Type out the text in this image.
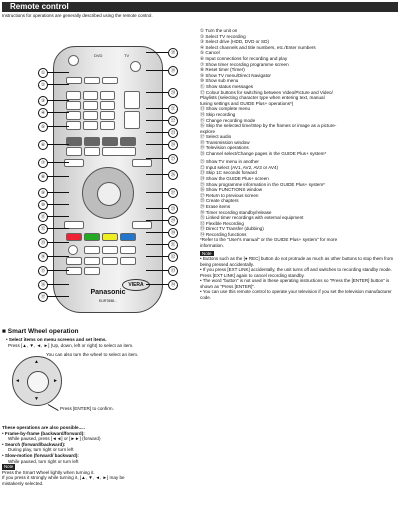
Remote control
Instructions for operations are generally described using the remote control.
DVD	TV
VIERA
Panasonic
EUR7658...
①
②
③
④
⑤
⑥
⑦
⑧
⑨
⑩
⑪
⑫
⑬
⑭
⑮
⑯
⑰
⑱
⑲
⑳
㉑
㉒
㉓
㉔
㉕
㉖
㉗
㉘
㉙
㉚
㉛
㉜
㉝
㉞
① Turn the unit on
② Select TV recording
③ Select drive (HDD, DVD or SD)
④ Select channels and title numbers, etc./Enter numbers
⑤ Cancel
⑥ Input connections for recording and play
⑦ Show timer recording programme screen
⑧ Reset timer (Timer)
⑨ Show TV menu/Direct Navigator
⑩ Show sub menu
⑪ Show status messages
⑫ Colour buttons for switching between Video/Picture and Video/
Playlists (selecting character type when entering text, manual
tuning settings and GUIDE Plus+ operations*)
⑬ Show complete menu
⑭ Skip recording
⑮ Change recording mode
⑯ Skip the selected time/Step by the frames or image as a picture-
explore
⑰ Select audio
⑱ Transmission window
⑲ Television operations
⑳ Channel select/Change pages in the GUIDE Plus+ system*
㉑ Show TV menu in another
㉒ Input select (AV1, AV2, AV3 or AV4)
㉓ Skip 1C seconds forward
㉔ Show the GUIDE Plus+ screen
㉕ Show programme information in the GUIDE Plus+ system*
㉖ Show FUNCTIONS window
㉗ Return to previous screen
㉘ Create chapters
㉙ Erase items
㉚ Timer recording standby/release
㉛ Linked timer recordings with external equipment
㉜ Flexible Recording
㉝ Direct TV Transfer (dubbing)
㉞ Recording functions
*Refer to the "User's manual" or the GUIDE Plus+ system" for more
information.
Note
• Buttons such as the [● REC] button do not protrude as much as other buttons to stop them from being pressed accidentally.
• If you press [EXT LINK] accidentally, the unit turns off and switches to recording standby mode. Press [EXT LINK] again to cancel recording standby.
• The word "button" is not used in these operating instructions so "Press the [ENTER] button" is shown as "Press [ENTER]".
• You can use this remote control to operate your television if you set the television manufacturer code.
■ Smart Wheel operation
• Select items on menu screens and set items.
Press [▲, ▼, ◄, ►] (Up, down, left or right) to select an item.
You can also turn the wheel to select an item.
▲
▼
◄	►
Press [ENTER] to confirm.
These operations are also possible.....
• Frame-by-frame (backward/forward):
While paused, press [◄◄] or [►►] (forward)
• Search (forward/backward):
During play, turn right or turn left
• Slow-motion (forward/ backward):
While paused, turn right or turn left
Note
Press the Smart Wheel lightly when turning it.
If you press it strongly while turning it, [▲, ▼, ◄, ►] may be
mistakenly selected.
